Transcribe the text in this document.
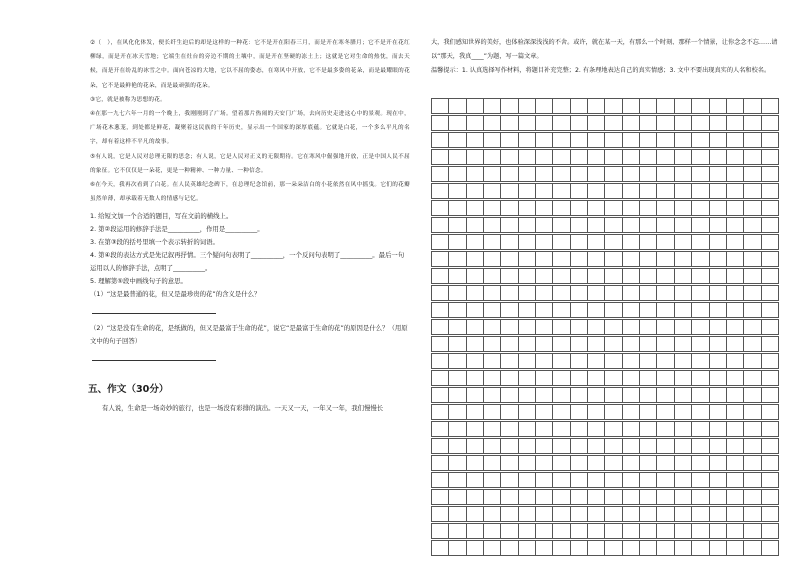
②（　），在风化化体发，便长纤生迫后的却是这样的一种花：它不是开在阳春三月，而是开在寒冬腊月；它不是开在花红柳绿，而是开在冰天雪地；它端生在灶台的旁边不期的土壤中，而是开在坚硬的冻土上；这就是它对生命的热忱，而去天候，而是开在纷乱的冰雪之中。面向苍凉的大地，它以不屈的姿态，在寒风中开放，它不是最多姿的花朵，而是最耀眼的花朵，它不是最鲜艳的花朵，而是最顽强的花朵。

③它，就是被称为思想的花。

④在那一九七六年一月的一个晚上，我刚刚到了广场。望着那片热闹的天安门广场，去向历史走进这心中的景观。现在中，广场花木葱茏，到处都是鲜花，凝聚着这民族的千年历史，显示出一个国家的深厚底蕴。它就是白花，一个多么平凡的名字，却有着这样不平凡的故事。

⑤有人说，它是人民对总理无限的思念；有人说，它是人民对正义的无限期待。它在寒风中倔强地开放，正是中国人民不屈的象征。它不仅仅是一朵花，更是一种精神、一种力量、一种信念。

⑥在今天，我再次看到了白花。在人民英雄纪念碑下，在总理纪念馆前，那一朵朵洁白的小花依然在风中摇曳。它们的花瓣虽然单薄，却承载着无数人的情感与记忆。

1. 给短文加一个合适的题目，写在文前的横线上。

2. 第②段运用的修辞手法是__________，作用是__________。

3. 在第③段的括号里填一个表示转折的词语。

4. 第④段的表达方式是先记叙再抒情。三个疑问句表明了__________，一个反问句表明了__________。最后一句运用以人的修辞手法，点明了__________。

5. 理解第⑤段中画线句子的意思。

（1）“这是最普通的花，但又是最珍贵的花”的含义是什么？

（2）“这是没有生命的花，是纸做的，但又是最富于生命的花”，说它“是最富于生命的花”的原因是什么？（用原文中的句子回答）

五、作文（30分）

有人说，生命是一场奇妙的旅行，也是一场没有彩排的演出。一天又一天，一年又一年，我们慢慢长

大，我们感知世界的美好，也体验深深浅浅的不舍。或许，就在某一天，有那么一个时刻、那样一个情景，让你念念不忘……请以“那天，我真____”为题，写一篇文章。

温馨提示：1. 认真选择写作材料，将题目补充完整；2. 有条理地表达自己的真实情感；3. 文中不要出现真实的人名和校名。
